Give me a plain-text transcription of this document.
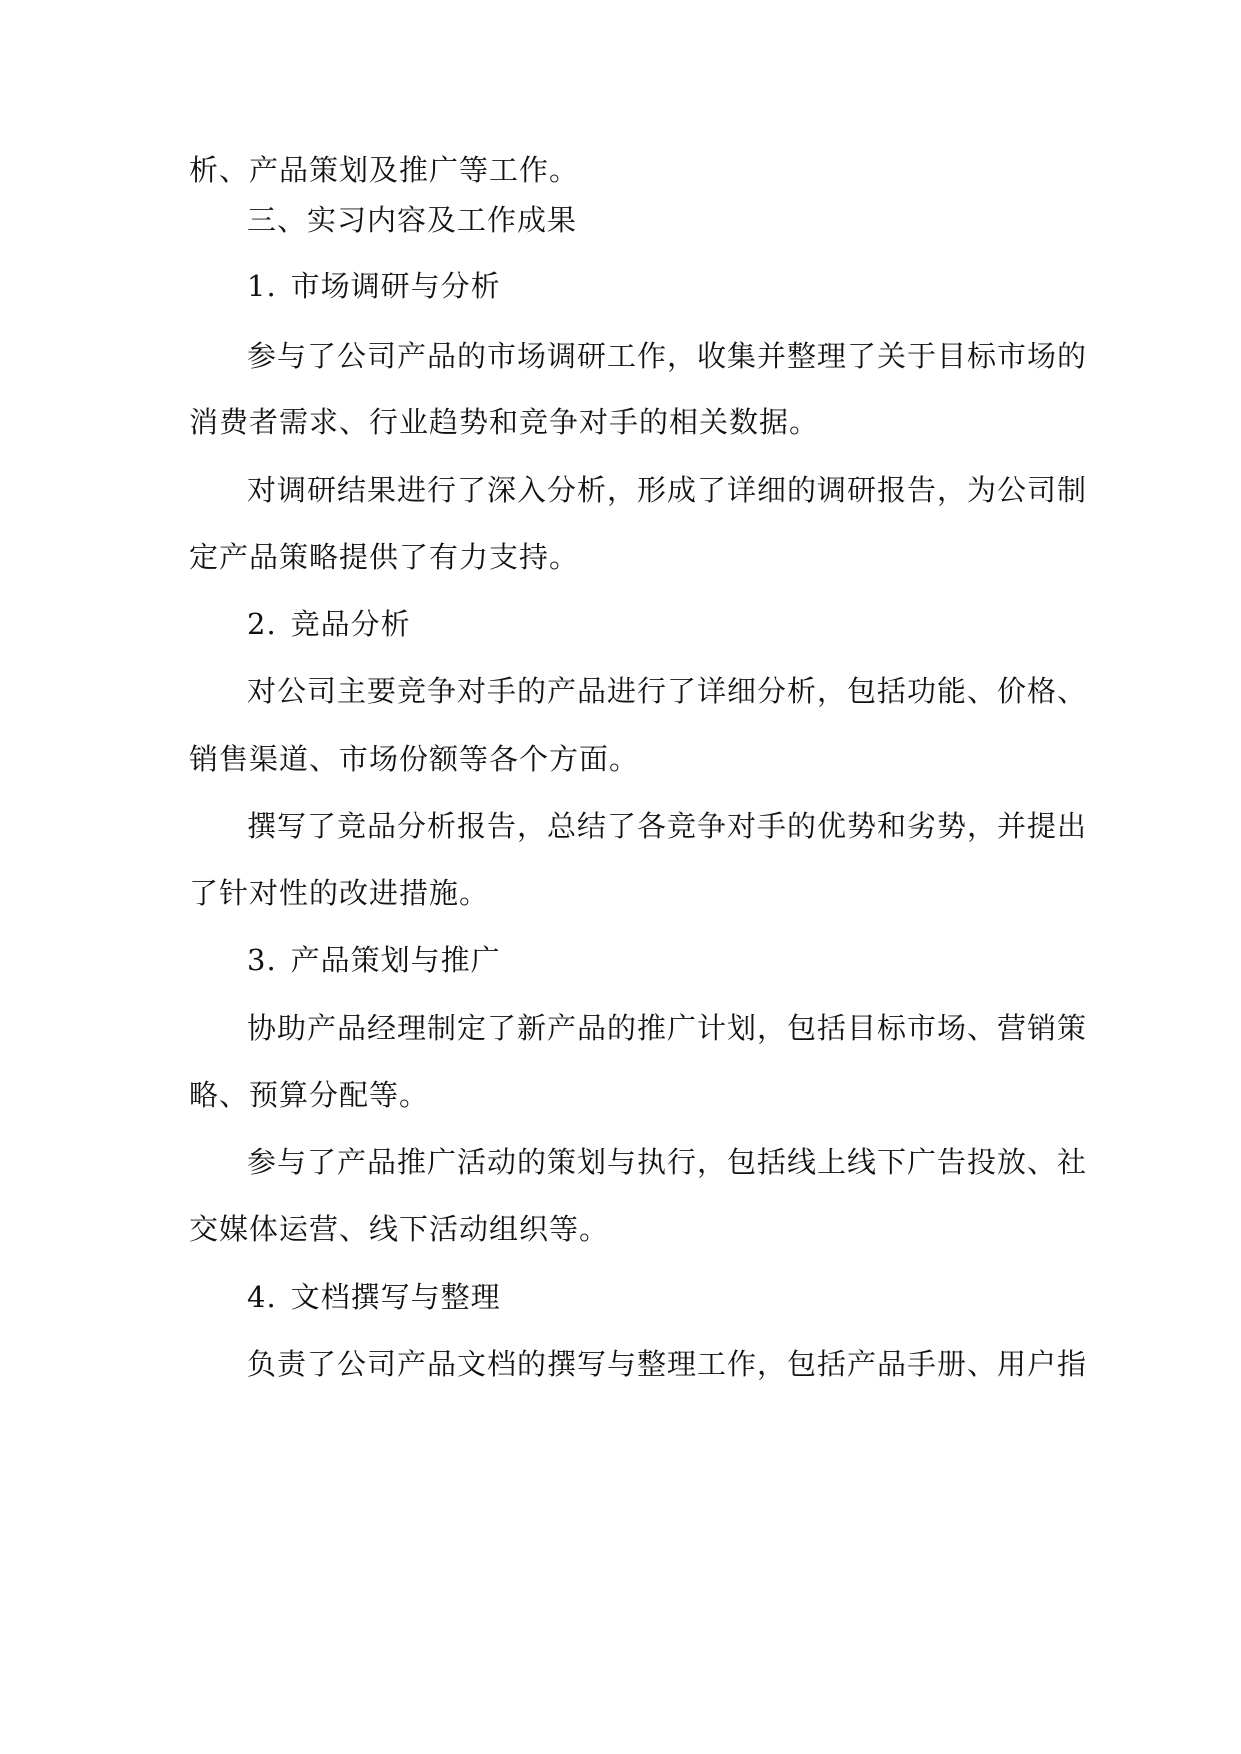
析、产品策划及推广等工作。
三、实习内容及工作成果
1. 市场调研与分析
参与了公司产品的市场调研工作，收集并整理了关于目标市场的
消费者需求、行业趋势和竞争对手的相关数据。
对调研结果进行了深入分析，形成了详细的调研报告，为公司制
定产品策略提供了有力支持。
2. 竞品分析
对公司主要竞争对手的产品进行了详细分析，包括功能、价格、
销售渠道、市场份额等各个方面。
撰写了竞品分析报告，总结了各竞争对手的优势和劣势，并提出
了针对性的改进措施。
3. 产品策划与推广
协助产品经理制定了新产品的推广计划，包括目标市场、营销策
略、预算分配等。
参与了产品推广活动的策划与执行，包括线上线下广告投放、社
交媒体运营、线下活动组织等。
4. 文档撰写与整理
负责了公司产品文档的撰写与整理工作，包括产品手册、用户指
